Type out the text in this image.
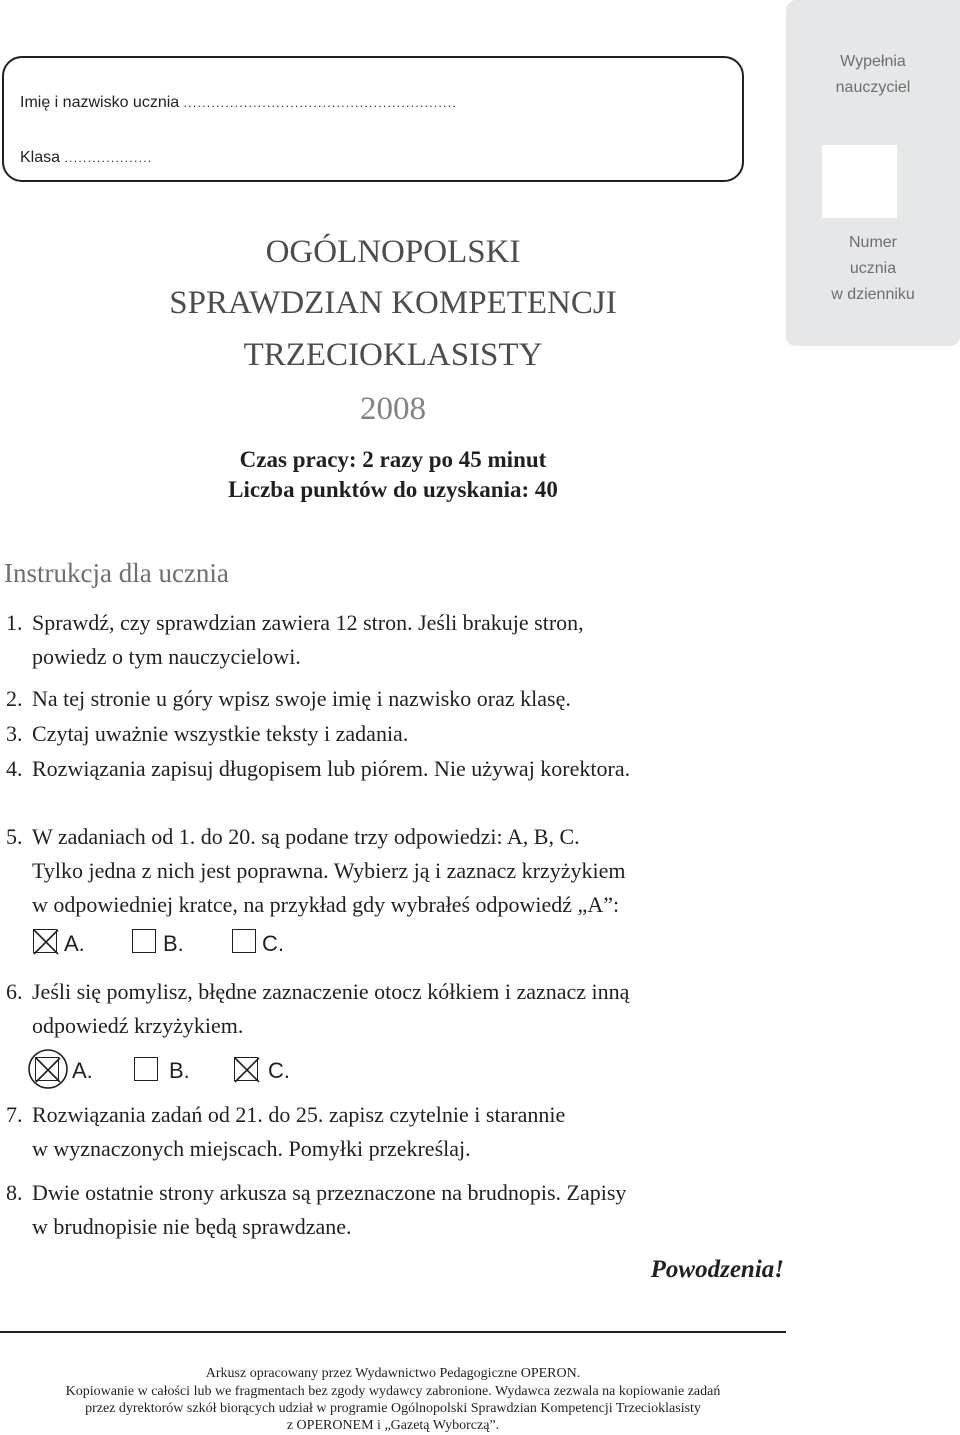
Imię i nazwisko ucznia ...........................................................
Klasa ...................
Wypełnia
nauczyciel
Numer
ucznia
w dzienniku
OGÓLNOPOLSKI
SPRAWDZIAN KOMPETENCJI
TRZECIOKLASISTY
2008
Czas pracy: 2 razy po 45 minut
Liczba punktów do uzyskania: 40
Instrukcja dla ucznia
1. Sprawdź, czy sprawdzian zawiera 12 stron. Jeśli brakuje stron,
powiedz o tym nauczycielowi.
2. Na tej stronie u góry wpisz swoje imię i nazwisko oraz klasę.
3. Czytaj uważnie wszystkie teksty i zadania.
4. Rozwiązania zapisuj długopisem lub piórem. Nie używaj korektora.
5. W zadaniach od 1. do 20. są podane trzy odpowiedzi: A, B, C.
Tylko jedna z nich jest poprawna. Wybierz ją i zaznacz krzyżykiem
w odpowiedniej kratce, na przykład gdy wybrałeś odpowiedź „A”:
A.	B.	C.
6. Jeśli się pomylisz, błędne zaznaczenie otocz kółkiem i zaznacz inną
odpowiedź krzyżykiem.
A.	B.	C.
7. Rozwiązania zadań od 21. do 25. zapisz czytelnie i starannie
w wyznaczonych miejscach. Pomyłki przekreślaj.
8. Dwie ostatnie strony arkusza są przeznaczone na brudnopis. Zapisy
w brudnopisie nie będą sprawdzane.
Powodzenia!
Arkusz opracowany przez Wydawnictwo Pedagogiczne OPERON.
Kopiowanie w całości lub we fragmentach bez zgody wydawcy zabronione. Wydawca zezwala na kopiowanie zadań
przez dyrektorów szkół biorących udział w programie Ogólnopolski Sprawdzian Kompetencji Trzecioklasisty
z OPERONEM i „Gazetą Wyborczą”.
